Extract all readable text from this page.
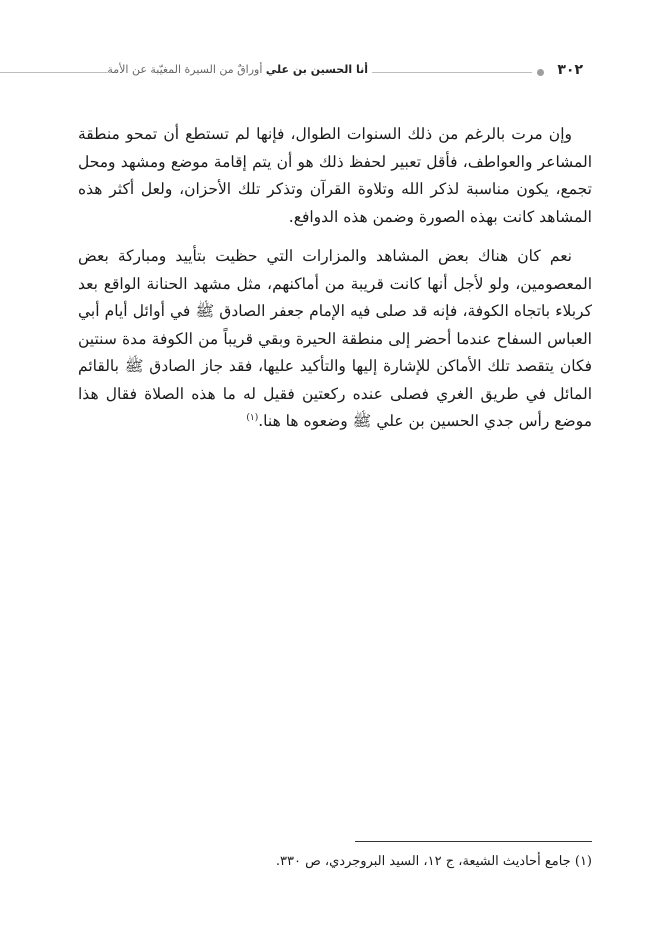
أنا الحسين بن علي أوراقٌ من السيرة المغيّبة عن الأمة	٣٠٢

وإن مرت بالرغم من ذلك السنوات الطوال، فإنها لم تستطع أن تمحو منطقة المشاعر والعواطف، فأقل تعبير لحفظ ذلك هو أن يتم إقامة موضع ومشهد ومحل تجمع، يكون مناسبة لذكر الله وتلاوة القرآن وتذكر تلك الأحزان، ولعل أكثر هذه المشاهد كانت بهذه الصورة وضمن هذه الدوافع.

نعم كان هناك بعض المشاهد والمزارات التي حظيت بتأييد ومباركة بعض المعصومين، ولو لأجل أنها كانت قريبة من أماكنهم، مثل مشهد الحنانة الواقع بعد كربلاء باتجاه الكوفة، فإنه قد صلى فيه الإمام جعفر الصادق ﷺ في أوائل أيام أبي العباس السفاح عندما أحضر إلى منطقة الحيرة وبقي قريباً من الكوفة مدة سنتين فكان يتقصد تلك الأماكن للإشارة إليها والتأكيد عليها، فقد جاز الصادق ﷺ بالقائم المائل في طريق الغري فصلى عنده ركعتين فقيل له ما هذه الصلاة فقال هذا موضع رأس جدي الحسين بن علي ﷺ وضعوه ها هنا.$^{(١)}$

(١) جامع أحاديث الشيعة، ج ١٢، السيد البروجردي، ص ٣٣٠.
